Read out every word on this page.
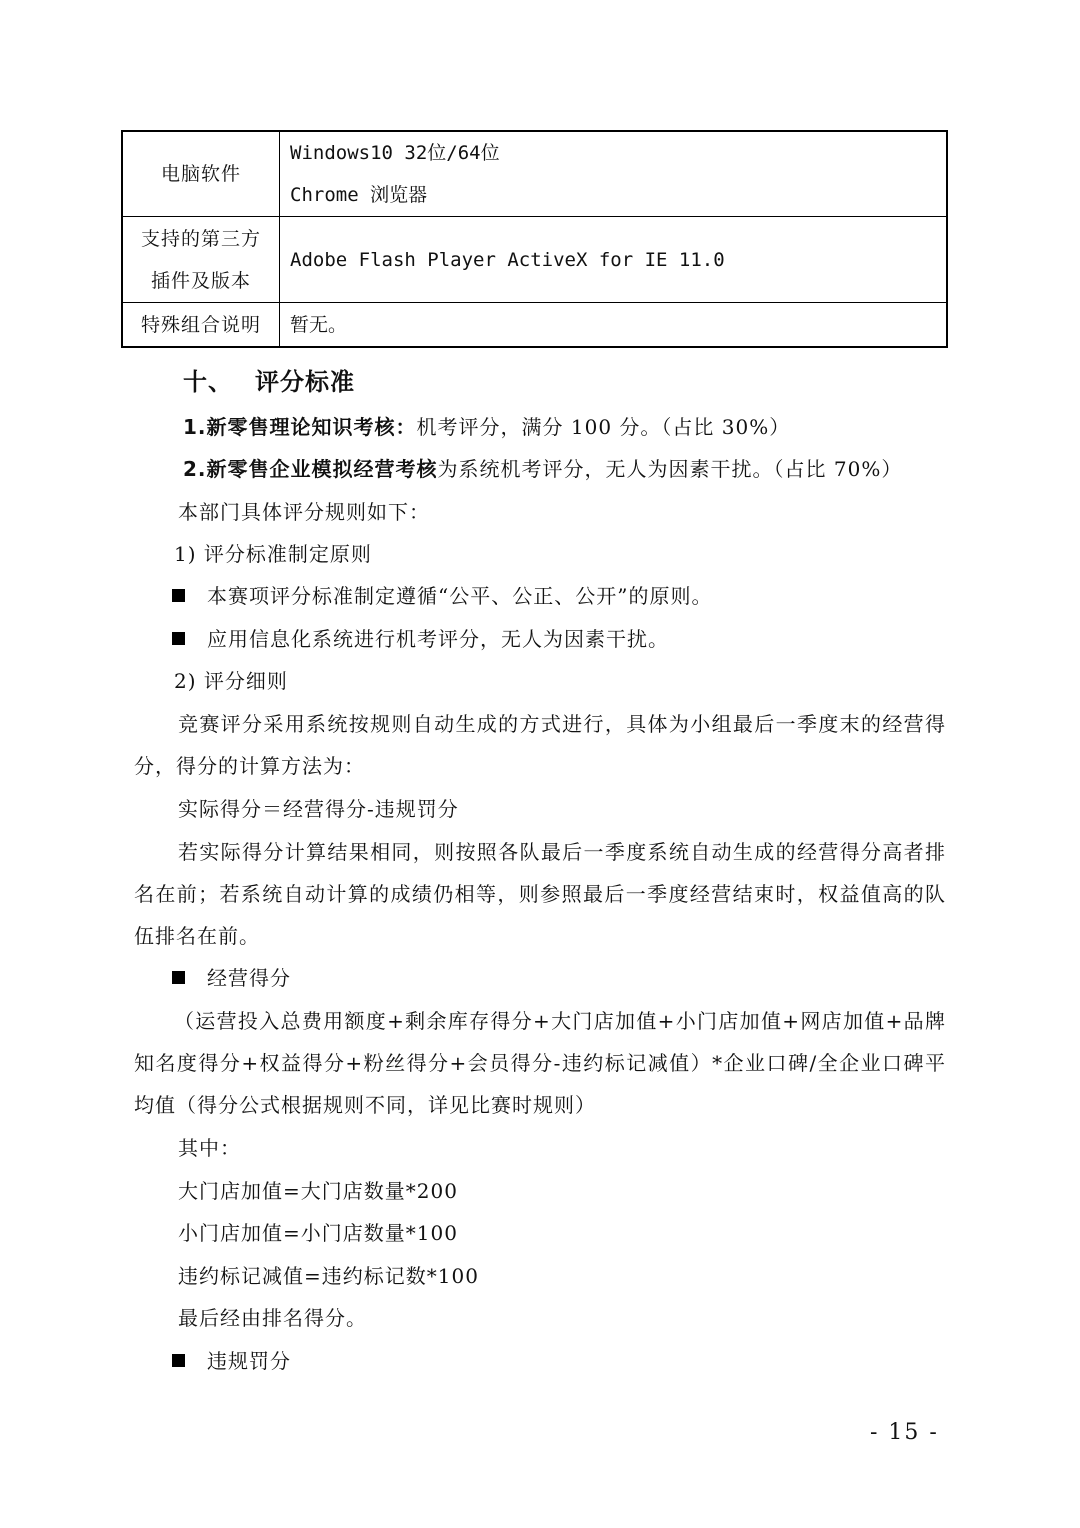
电脑软件	Windows10 32位/64位
Chrome 浏览器

支持的第三方
插件及版本	Adobe Flash Player ActiveX for IE 11.0
特殊组合说明	暂无。
十、 评分标准
1.新零售理论知识考核：机考评分，满分 100 分。（占比 30%）
2.新零售企业模拟经营考核为系统机考评分，无人为因素干扰。（占比 70%）
本部门具体评分规则如下：
1) 评分标准制定原则
本赛项评分标准制定遵循“公平、公正、公开”的原则。
应用信息化系统进行机考评分，无人为因素干扰。
2) 评分细则
竞赛评分采用系统按规则自动生成的方式进行，具体为小组最后一季度末的经营得分，得分的计算方法为：
实际得分＝经营得分-违规罚分
若实际得分计算结果相同，则按照各队最后一季度系统自动生成的经营得分高者排名在前；若系统自动计算的成绩仍相等，则参照最后一季度经营结束时，权益值高的队伍排名在前。
经营得分
（运营投入总费用额度+剩余库存得分+大门店加值+小门店加值+网店加值+品牌知名度得分+权益得分+粉丝得分+会员得分-违约标记减值）*企业口碑/全企业口碑平均值（得分公式根据规则不同，详见比赛时规则）
其中：
大门店加值=大门店数量*200
小门店加值=小门店数量*100
违约标记减值=违约标记数*100
最后经由排名得分。
违规罚分
- 15 -
